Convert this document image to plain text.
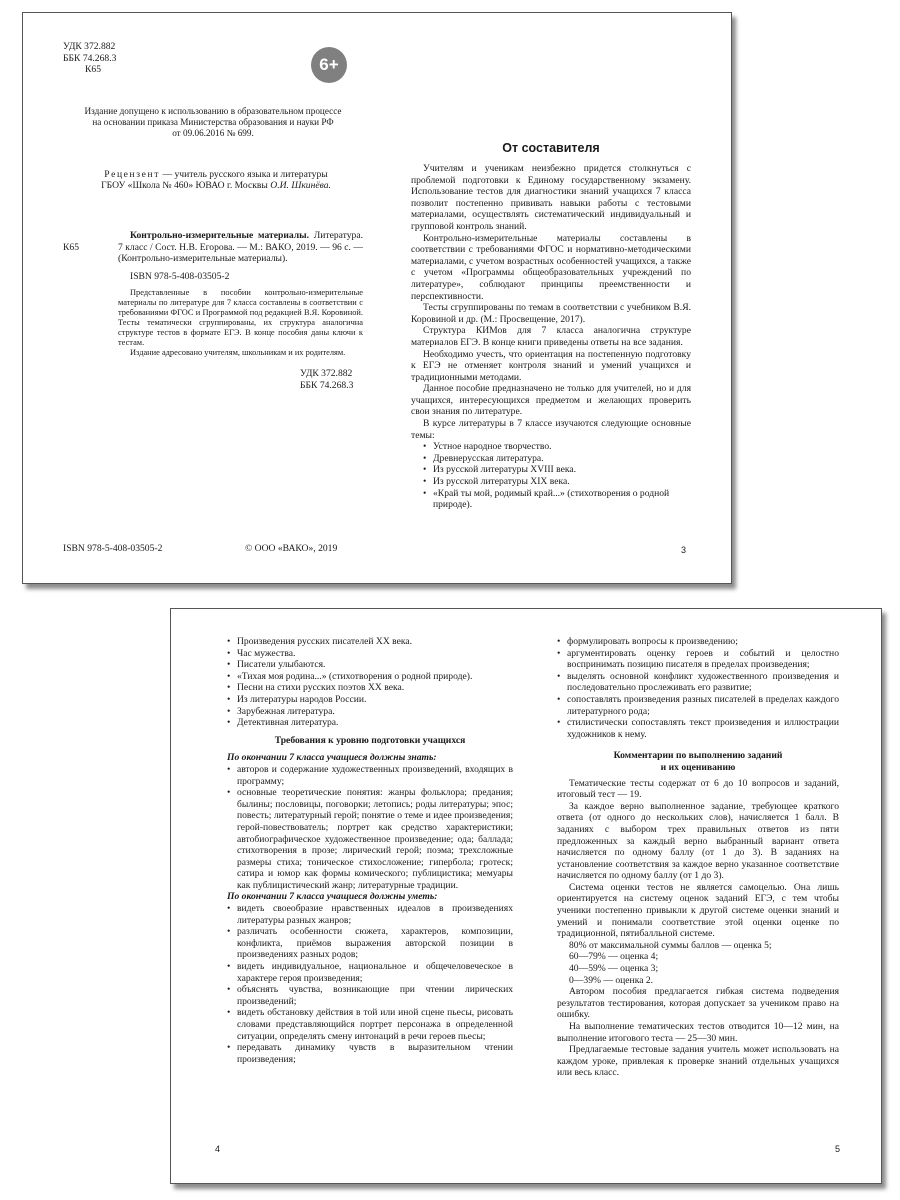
УДК 372.882
ББК 74.268.3
К65	6+
Издание допущено к использованию в образовательном процессе
на основании приказа Министерства образования и науки РФ
от 09.06.2016 № 699.
Рецензент — учитель русского языка и литературы
ГБОУ «Школа № 460» ЮВАО г. Москвы О.И. Шкинёва.
К65

Контрольно-измерительные материалы. Литература. 7 класс / Сост. Н.В. Егорова. — М.: ВАКО, 2019. — 96 с. — (Контрольно-измерительные материалы).

ISBN 978-5-408-03505-2

Представленные в пособии контрольно-измерительные материалы по литературе для 7 класса составлены в соответствии с требованиями ФГОС и Программой под редакцией В.Я. Коровиной. Тесты тематически сгруппированы, их структура аналогична структуре тестов в формате ЕГЭ. В конце пособия даны ключи к тестам.

Издание адресовано учителям, школьникам и их родителям.

УДК 372.882
ББК 74.268.3
ISBN 978-5-408-03505-2	© ООО «ВАКО», 2019
От составителя

Учителям и ученикам неизбежно придется столкнуться с проблемой подготовки к Единому государственному экзамену. Использование тестов для диагностики знаний учащихся 7 класса позволит постепенно прививать навыки работы с тестовыми материалами, осуществлять систематический индивидуальный и групповой контроль знаний.

Контрольно-измерительные материалы составлены в соответствии с требованиями ФГОС и нормативно-методическими материалами, с учетом возрастных особенностей учащихся, а также с учетом «Программы общеобразовательных учреждений по литературе», соблюдают принципы преемственности и перспективности.

Тесты сгруппированы по темам в соответствии с учебником В.Я. Коровиной и др. (М.: Просвещение, 2017).

Структура КИМов для 7 класса аналогична структуре материалов ЕГЭ. В конце книги приведены ответы на все задания.

Необходимо учесть, что ориентация на постепенную подготовку к ЕГЭ не отменяет контроля знаний и умений учащихся и традиционными методами.

Данное пособие предназначено не только для учителей, но и для учащихся, интересующихся предметом и желающих проверить свои знания по литературе.

В курсе литературы в 7 классе изучаются следующие основные темы:

• Устное народное творчество.
• Древнерусская литература.
• Из русской литературы XVIII века.
• Из русской литературы XIX века.
• «Край ты мой, родимый край...» (стихотворения о родной природе).
3
• Произведения русских писателей XX века.
• Час мужества.
• Писатели улыбаются.
• «Тихая моя родина...» (стихотворения о родной природе).
• Песни на стихи русских поэтов XX века.
• Из литературы народов России.
• Зарубежная литература.
• Детективная литература.
Требования к уровню подготовки учащихся
По окончании 7 класса учащиеся должны знать:
• авторов и содержание художественных произведений, входящих в программу;
• основные теоретические понятия: жанры фольклора; предания; былины; пословицы, поговорки; летопись; роды литературы; эпос; повесть; литературный герой; понятие о теме и идее произведения; герой-повествователь; портрет как средство характеристики; автобиографическое художественное произведение; ода; баллада; стихотворения в прозе; лирический герой; поэма; трехсложные размеры стиха; тоническое стихосложение; гипербола; гротеск; сатира и юмор как формы комического; публицистика; мемуары как публицистический жанр; литературные традиции.
По окончании 7 класса учащиеся должны уметь:
• видеть своеобразие нравственных идеалов в произведениях литературы разных жанров;
• различать особенности сюжета, характеров, композиции, конфликта, приёмов выражения авторской позиции в произведениях разных родов;
• видеть индивидуальное, национальное и общечеловеческое в характере героя произведения;
• объяснять чувства, возникающие при чтении лирических произведений;
• видеть обстановку действия в той или иной сцене пьесы, рисовать словами представляющийся портрет персонажа в определенной ситуации, определять смену интонаций в речи героев пьесы;
• передавать динамику чувств в выразительном чтении произведения;
4
• формулировать вопросы к произведению;
• аргументировать оценку героев и событий и целостно воспринимать позицию писателя в пределах произведения;
• выделять основной конфликт художественного произведения и последовательно прослеживать его развитие;
• сопоставлять произведения разных писателей в пределах каждого литературного рода;
• стилистически сопоставлять текст произведения и иллюстрации художников к нему.
Комментарии по выполнению заданий
и их оцениванию

Тематические тесты содержат от 6 до 10 вопросов и заданий, итоговый тест — 19.

За каждое верно выполненное задание, требующее краткого ответа (от одного до нескольких слов), начисляется 1 балл. В заданиях с выбором трех правильных ответов из пяти предложенных за каждый верно выбранный вариант ответа начисляется по одному баллу (от 1 до 3). В заданиях на установление соответствия за каждое верно указанное соответствие начисляется по одному баллу (от 1 до 3).

Система оценки тестов не является самоцелью. Она лишь ориентируется на систему оценок заданий ЕГЭ, с тем чтобы ученики постепенно привыкли к другой системе оценки знаний и умений и понимали соответствие этой оценки оценке по традиционной, пятибалльной системе.

80% от максимальной суммы баллов — оценка 5;
60—79% — оценка 4;
40—59% — оценка 3;
0—39% — оценка 2.

Автором пособия предлагается гибкая система подведения результатов тестирования, которая допускает за учеником право на ошибку.

На выполнение тематических тестов отводится 10—12 мин, на выполнение итогового теста — 25—30 мин.

Предлагаемые тестовые задания учитель может использовать на каждом уроке, привлекая к проверке знаний отдельных учащихся или весь класс.

5
